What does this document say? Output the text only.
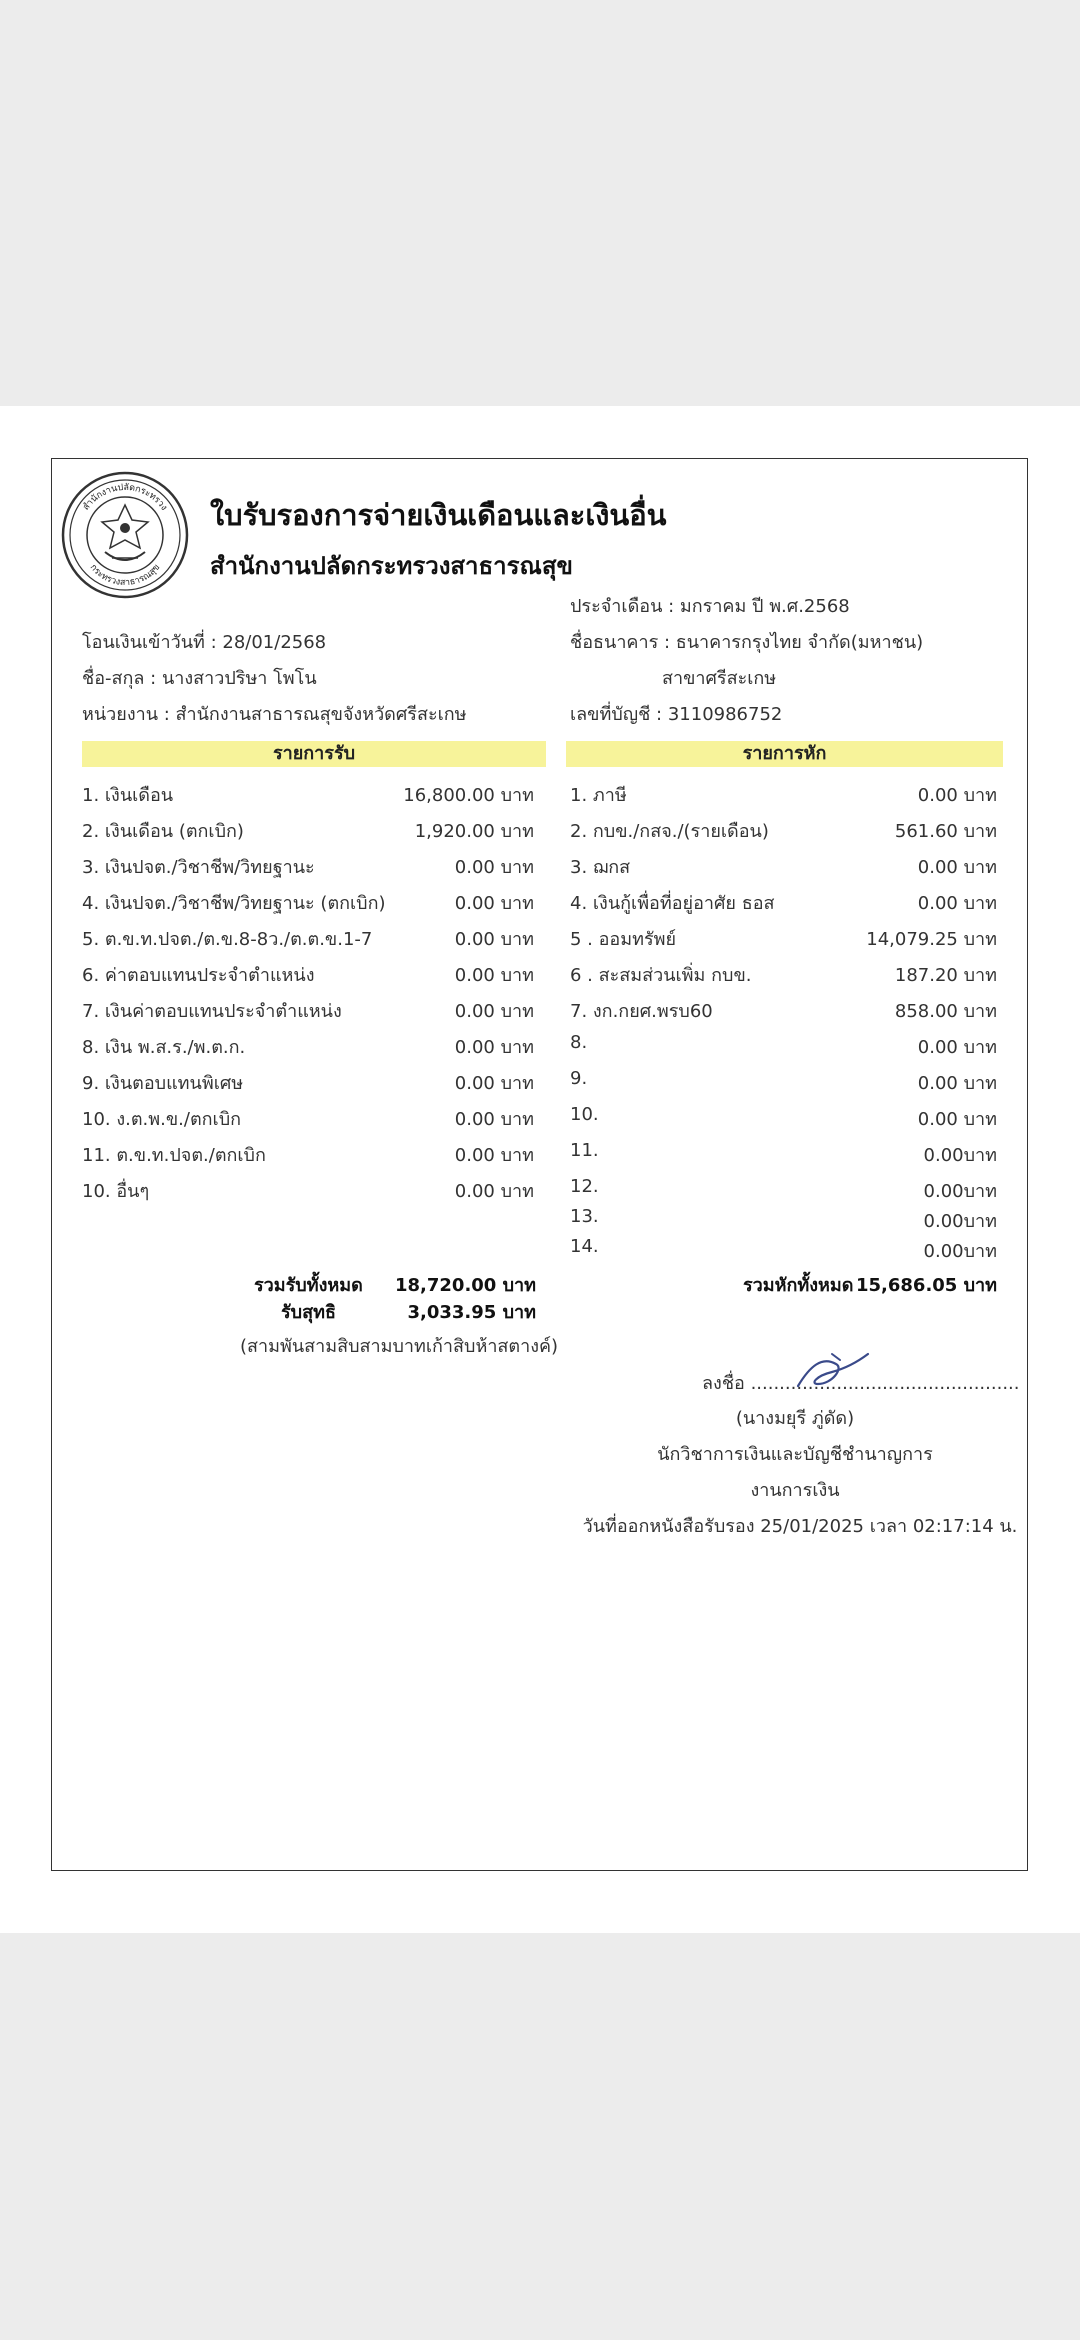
สำนักงานปลัดกระทรวง
กระทรวงสาธารณสุข
ใบรับรองการจ่ายเงินเดือนและเงินอื่น
สำนักงานปลัดกระทรวงสาธารณสุข
ประจำเดือน : มกราคม ปี พ.ศ.2568
โอนเงินเข้าวันที่ : 28/01/2568	ชื่อธนาคาร : ธนาคารกรุงไทย จำกัด(มหาชน)
ชื่อ-สกุล : นางสาวปริษา โพโน	สาขาศรีสะเกษ
หน่วยงาน : สำนักงานสาธารณสุขจังหวัดศรีสะเกษ	เลขที่บัญชี : 3110986752
รายการรับ	รายการหัก
1. เงินเดือน	16,800.00 บาท
2. เงินเดือน (ตกเบิก)	1,920.00 บาท
3. เงินปจต./วิชาชีพ/วิทยฐานะ	0.00 บาท
4. เงินปจต./วิชาชีพ/วิทยฐานะ (ตกเบิก)	0.00 บาท
5. ต.ข.ท.ปจต./ต.ข.8-8ว./ต.ต.ข.1-7	0.00 บาท
6. ค่าตอบแทนประจำตำแหน่ง	0.00 บาท
7. เงินค่าตอบแทนประจำตำแหน่ง	0.00 บาท
8. เงิน พ.ส.ร./พ.ต.ก.	0.00 บาท
9. เงินตอบแทนพิเศษ	0.00 บาท
10. ง.ต.พ.ข./ตกเบิก	0.00 บาท
11. ต.ข.ท.ปจต./ตกเบิก	0.00 บาท
10. อื่นๆ	0.00 บาท
1. ภาษี	0.00 บาท
2. กบข./กสจ./(รายเดือน)	561.60 บาท
3. ฌกส	0.00 บาท
4. เงินกู้เพื่อที่อยู่อาศัย ธอส	0.00 บาท
5 . ออมทรัพย์	14,079.25 บาท
6 . สะสมส่วนเพิ่ม กบข.	187.20 บาท
7. งก.กยศ.พรบ60	858.00 บาท
8.	0.00 บาท
9.	0.00 บาท
10.	0.00 บาท
11.	0.00บาท
12.	0.00บาท
13.	0.00บาท
14.	0.00บาท
รวมรับทั้งหมด 18,720.00 บาท
รับสุทธิ	3,033.95 บาท
(สามพันสามสิบสามบาทเก้าสิบห้าสตางค์)
รวมหักทั้งหมด 15,686.05 บาท
ลงชื่อ ...............................................
(นางมยุรี ภู่ดัด)
นักวิชาการเงินและบัญชีชำนาญการ
งานการเงิน
วันที่ออกหนังสือรับรอง 25/01/2025 เวลา 02:17:14 น.
